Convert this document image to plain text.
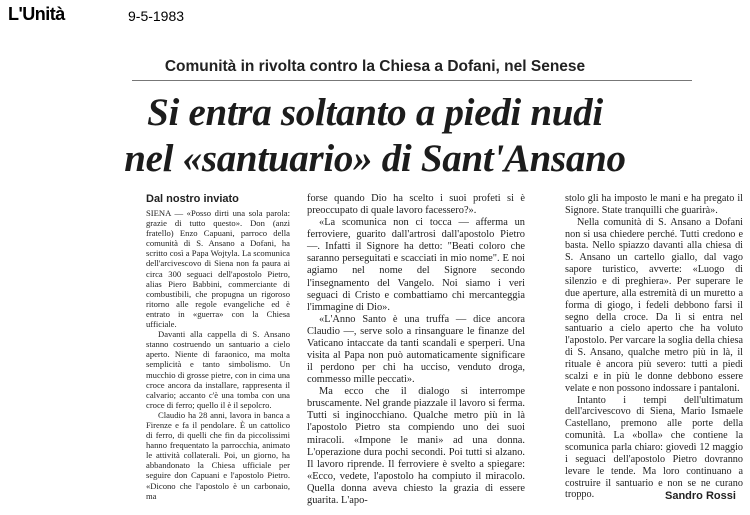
L'Unità	9-5-1983
Comunità in rivolta contro la Chiesa a Dofani, nel Senese
Si entra soltanto a piedi nudi
nel «santuario» di Sant'Ansano
Dal nostro inviato

SIENA — «Posso dirti una sola parola: grazie di tutto questo». Don (anzi fratello) Enzo Capuani, parroco della comunità di S. Ansano a Dofani, ha scritto così a Papa Wojtyla. La scomunica dell'arcivescovo di Siena non fa paura ai circa 300 seguaci dell'apostolo Pietro, alias Piero Babbini, commerciante di combustibili, che propugna un rigoroso ritorno alle regole evangeliche ed è entrato in «guerra» con la Chiesa ufficiale.

Davanti alla cappella di S. Ansano stanno costruendo un santuario a cielo aperto. Niente di faraonico, ma molta semplicità e tanto simbolismo. Un mucchio di grosse pietre, con in cima una croce ancora da installare, rappresenta il calvario; accanto c'è una tomba con una croce di ferro; quello il è il sepolcro.

Claudio ha 28 anni, lavora in banca a Firenze e fa il pendolare. È un cattolico di ferro, di quelli che fin da piccolissimi hanno frequentato la parrocchia, animato le attività collaterali. Poi, un giorno, ha abbandonato la Chiesa ufficiale per seguire don Capuani e l'apostolo Pietro. «Dicono che l'apostolo è un carbonaio, ma

forse quando Dio ha scelto i suoi profeti si è preoccupato di quale lavoro facessero?».

«La scomunica non ci tocca — afferma un ferroviere, guarito dall'artrosi dall'apostolo Pietro —. Infatti il Signore ha detto: "Beati coloro che saranno perseguitati e scacciati in mio nome". E noi agiamo nel nome del Signore secondo l'insegnamento del Vangelo. Noi siamo i veri seguaci di Cristo e combattiamo chi mercanteggia l'immagine di Dio».

«L'Anno Santo è una truffa — dice ancora Claudio —, serve solo a rinsanguare le finanze del Vaticano intaccate da tanti scandali e sperperi. Una visita al Papa non può automaticamente significare il perdono per chi ha ucciso, venduto droga, commesso mille peccati».

Ma ecco che il dialogo si interrompe bruscamente. Nel grande piazzale il lavoro si ferma. Tutti si inginocchiano. Qualche metro più in là l'apostolo Pietro sta compiendo uno dei suoi miracoli. «Impone le mani» ad una donna. L'operazione dura pochi secondi. Poi tutti si alzano. Il lavoro riprende. Il ferroviere è svelto a spiegare: «Ecco, vedete, l'apostolo ha compiuto il miracolo. Quella donna aveva chiesto la grazia di essere guarita. L'apo-

stolo gli ha imposto le mani e ha pregato il Signore. State tranquilli che guarirà».

Nella comunità di S. Ansano a Dofani non si usa chiedere perché. Tutti credono e basta. Nello spiazzo davanti alla chiesa di S. Ansano un cartello giallo, dal vago sapore turistico, avverte: «Luogo di silenzio e di preghiera». Per superare le due aperture, alla estremità di un muretto a forma di giogo, i fedeli debbono farsi il segno della croce. Da lì si entra nel santuario a cielo aperto che ha voluto l'apostolo. Per varcare la soglia della chiesa di S. Ansano, qualche metro più in là, il rituale è ancora più severo: tutti a piedi scalzi e in più le donne debbono essere velate e non possono indossare i pantaloni.

Intanto i tempi dell'ultimatum dell'arcivescovo di Siena, Mario Ismaele Castellano, premono alle porte della comunità. La «bolla» che contiene la scomunica parla chiaro: giovedì 12 maggio i seguaci dell'apostolo Pietro dovranno levare le tende. Ma loro continuano a costruire il santuario e non se ne curano troppo.	Sandro Rossi
